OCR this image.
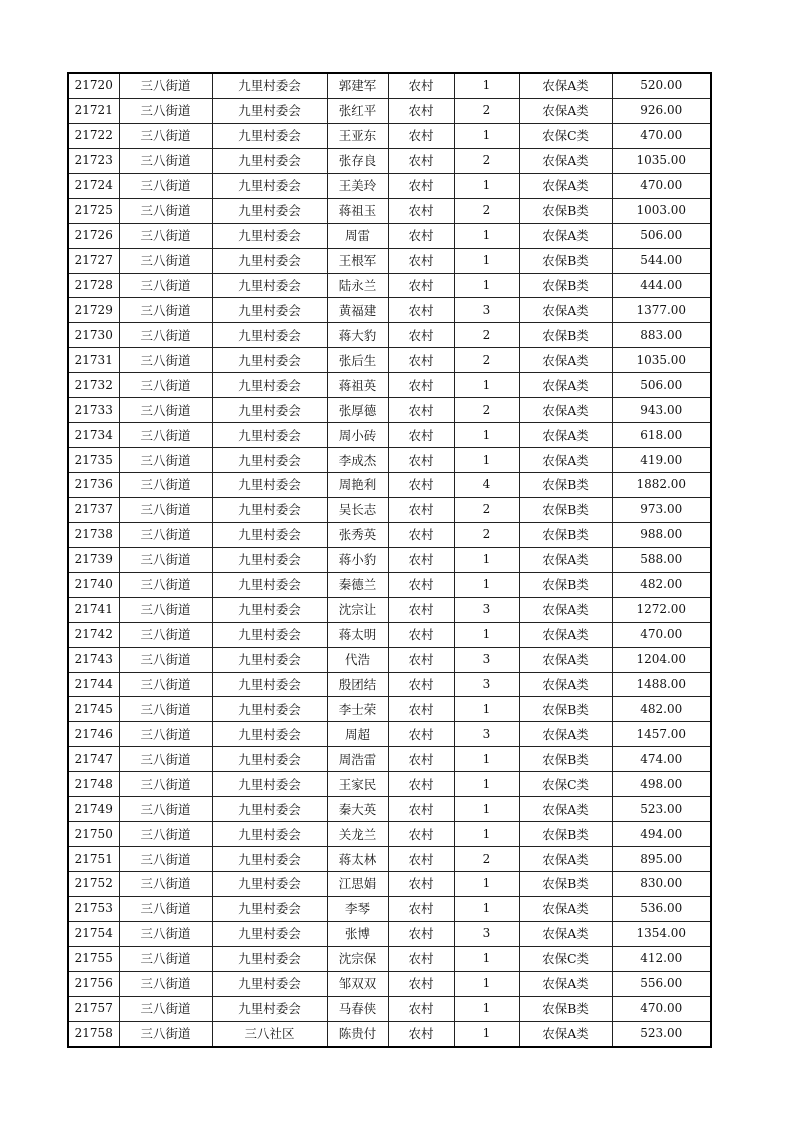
21720	三八街道	九里村委会	郭建军	农村	1	农保A类	520.00
21721	三八街道	九里村委会	张红平	农村	2	农保A类	926.00
21722	三八街道	九里村委会	王亚东	农村	1	农保C类	470.00
21723	三八街道	九里村委会	张存良	农村	2	农保A类	1035.00
21724	三八街道	九里村委会	王美玲	农村	1	农保A类	470.00
21725	三八街道	九里村委会	蒋祖玉	农村	2	农保B类	1003.00
21726	三八街道	九里村委会	周雷	农村	1	农保A类	506.00
21727	三八街道	九里村委会	王根军	农村	1	农保B类	544.00
21728	三八街道	九里村委会	陆永兰	农村	1	农保B类	444.00
21729	三八街道	九里村委会	黄福建	农村	3	农保A类	1377.00
21730	三八街道	九里村委会	蒋大豹	农村	2	农保B类	883.00
21731	三八街道	九里村委会	张后生	农村	2	农保A类	1035.00
21732	三八街道	九里村委会	蒋祖英	农村	1	农保A类	506.00
21733	三八街道	九里村委会	张厚德	农村	2	农保A类	943.00
21734	三八街道	九里村委会	周小砖	农村	1	农保A类	618.00
21735	三八街道	九里村委会	李成杰	农村	1	农保A类	419.00
21736	三八街道	九里村委会	周艳利	农村	4	农保B类	1882.00
21737	三八街道	九里村委会	吴长志	农村	2	农保B类	973.00
21738	三八街道	九里村委会	张秀英	农村	2	农保B类	988.00
21739	三八街道	九里村委会	蒋小豹	农村	1	农保A类	588.00
21740	三八街道	九里村委会	秦德兰	农村	1	农保B类	482.00
21741	三八街道	九里村委会	沈宗让	农村	3	农保A类	1272.00
21742	三八街道	九里村委会	蒋太明	农村	1	农保A类	470.00
21743	三八街道	九里村委会	代浩	农村	3	农保A类	1204.00
21744	三八街道	九里村委会	殷团结	农村	3	农保A类	1488.00
21745	三八街道	九里村委会	李士荣	农村	1	农保B类	482.00
21746	三八街道	九里村委会	周超	农村	3	农保A类	1457.00
21747	三八街道	九里村委会	周浩雷	农村	1	农保B类	474.00
21748	三八街道	九里村委会	王家民	农村	1	农保C类	498.00
21749	三八街道	九里村委会	秦大英	农村	1	农保A类	523.00
21750	三八街道	九里村委会	关龙兰	农村	1	农保B类	494.00
21751	三八街道	九里村委会	蒋太林	农村	2	农保A类	895.00
21752	三八街道	九里村委会	江思娟	农村	1	农保B类	830.00
21753	三八街道	九里村委会	李琴	农村	1	农保A类	536.00
21754	三八街道	九里村委会	张博	农村	3	农保A类	1354.00
21755	三八街道	九里村委会	沈宗保	农村	1	农保C类	412.00
21756	三八街道	九里村委会	邹双双	农村	1	农保A类	556.00
21757	三八街道	九里村委会	马春侠	农村	1	农保B类	470.00
21758	三八街道	三八社区	陈贵付	农村	1	农保A类	523.00
